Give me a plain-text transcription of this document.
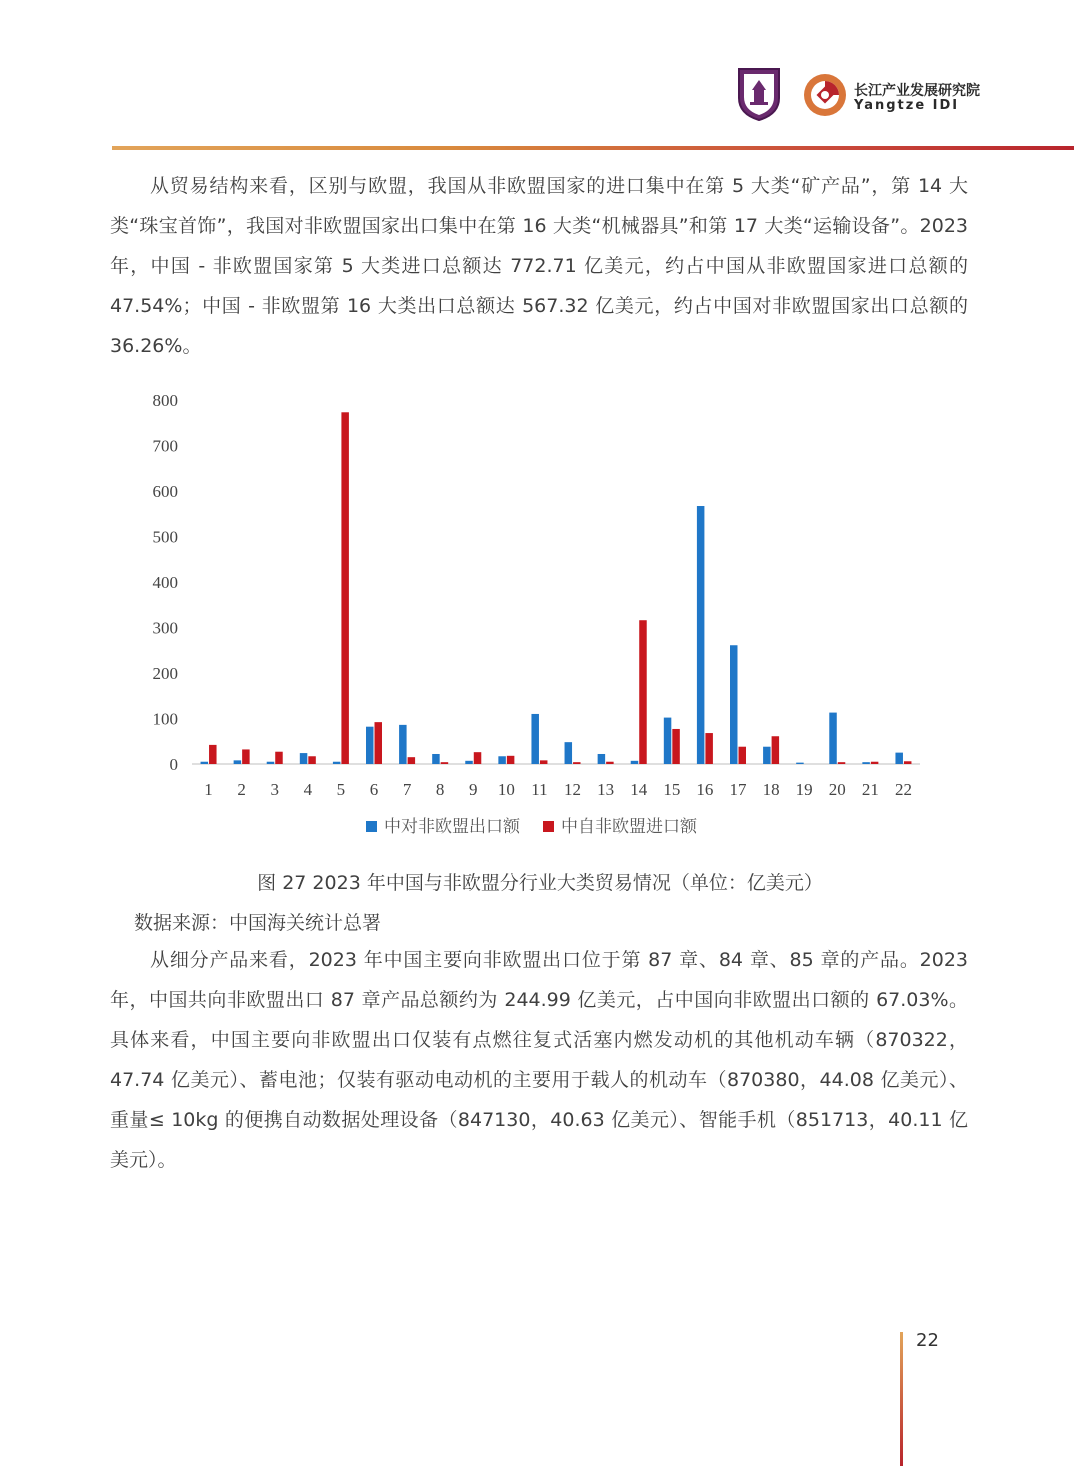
长江产业发展研究院
Yangtze IDI

从贸易结构来看，区别与欧盟，我国从非欧盟国家的进口集中在第 5 大类“矿产品”，第 14 大类“珠宝首饰”，我国对非欧盟国家出口集中在第 16 大类“机械器具”和第 17 大类“运输设备”。2023 年，中国 - 非欧盟国家第 5 大类进口总额达 772.71 亿美元，约占中国从非欧盟国家进口总额的 47.54%；中国 - 非欧盟第 16 大类出口总额达 567.32 亿美元，约占中国对非欧盟国家出口总额的 36.26%。

0
100
200
300
400
500
600
700
800
1 2 3 4 5 6 7 8 9 10 11 12 13 14 15 16 17 18 19 20 21 22
中对非欧盟出口额 中自非欧盟进口额
图 27 2023 年中国与非欧盟分行业大类贸易情况（单位：亿美元）
数据来源：中国海关统计总署

从细分产品来看，2023 年中国主要向非欧盟出口位于第 87 章、84 章、85 章的产品。2023 年，中国共向非欧盟出口 87 章产品总额约为 244.99 亿美元，占中国向非欧盟出口额的 67.03%。具体来看，中国主要向非欧盟出口仅装有点燃往复式活塞内燃发动机的其他机动车辆（870322，47.74 亿美元）、蓄电池；仅装有驱动电动机的主要用于载人的机动车（870380，44.08 亿美元）、重量≤ 10kg 的便携自动数据处理设备（847130，40.63 亿美元）、智能手机（851713，40.11 亿美元）。

22
